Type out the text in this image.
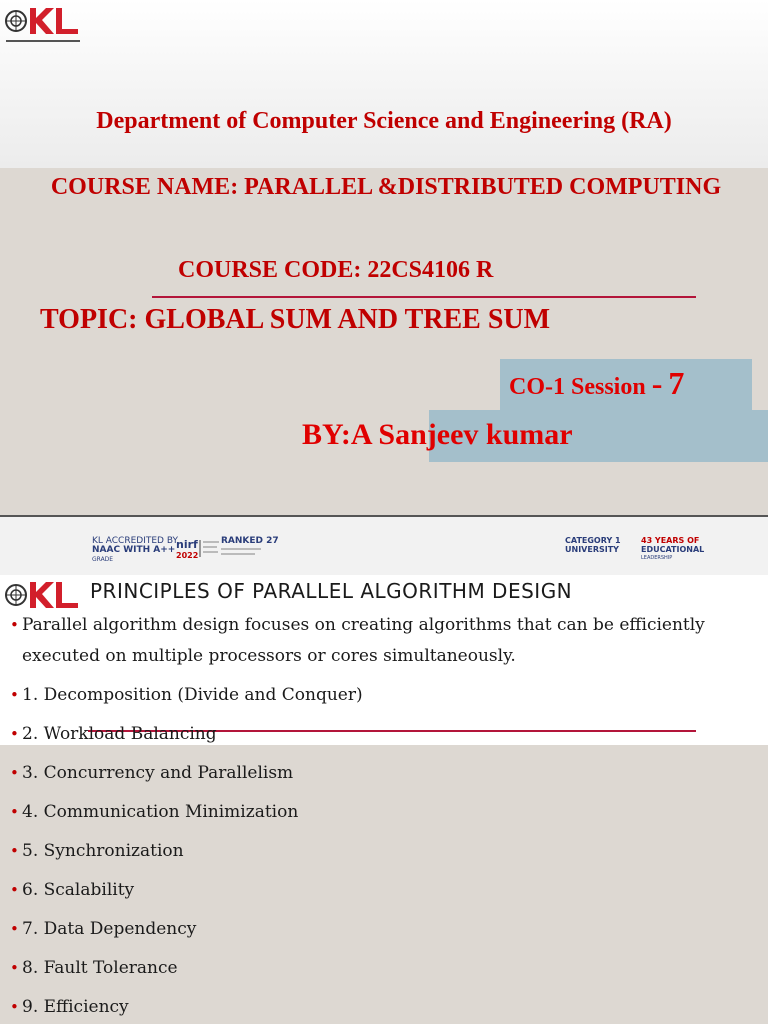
Department of Computer Science and Engineering (RA)
COURSE NAME: PARALLEL &DISTRIBUTED COMPUTING
COURSE CODE: 22CS4106 R
TOPIC: GLOBAL SUM AND TREE SUM
CO-1 Session - 7
BY:A Sanjeev kumar
KL ACCREDITED BY
NAAC WITH A++
GRADE
nirf
2022
RANKED 27	CATEGORY 1
UNIVERSITY
43 YEARS OF
EDUCATIONAL
LEADERSHIP
PRINCIPLES OF PARALLEL ALGORITHM DESIGN
• Parallel algorithm design focuses on creating algorithms that can be efficiently executed on multiple processors or cores simultaneously.
• 1. Decomposition (Divide and Conquer)
• 2. Workload Balancing
• 3. Concurrency and Parallelism
• 4. Communication Minimization
• 5. Synchronization
• 6. Scalability
• 7. Data Dependency
• 8. Fault Tolerance
• 9. Efficiency
